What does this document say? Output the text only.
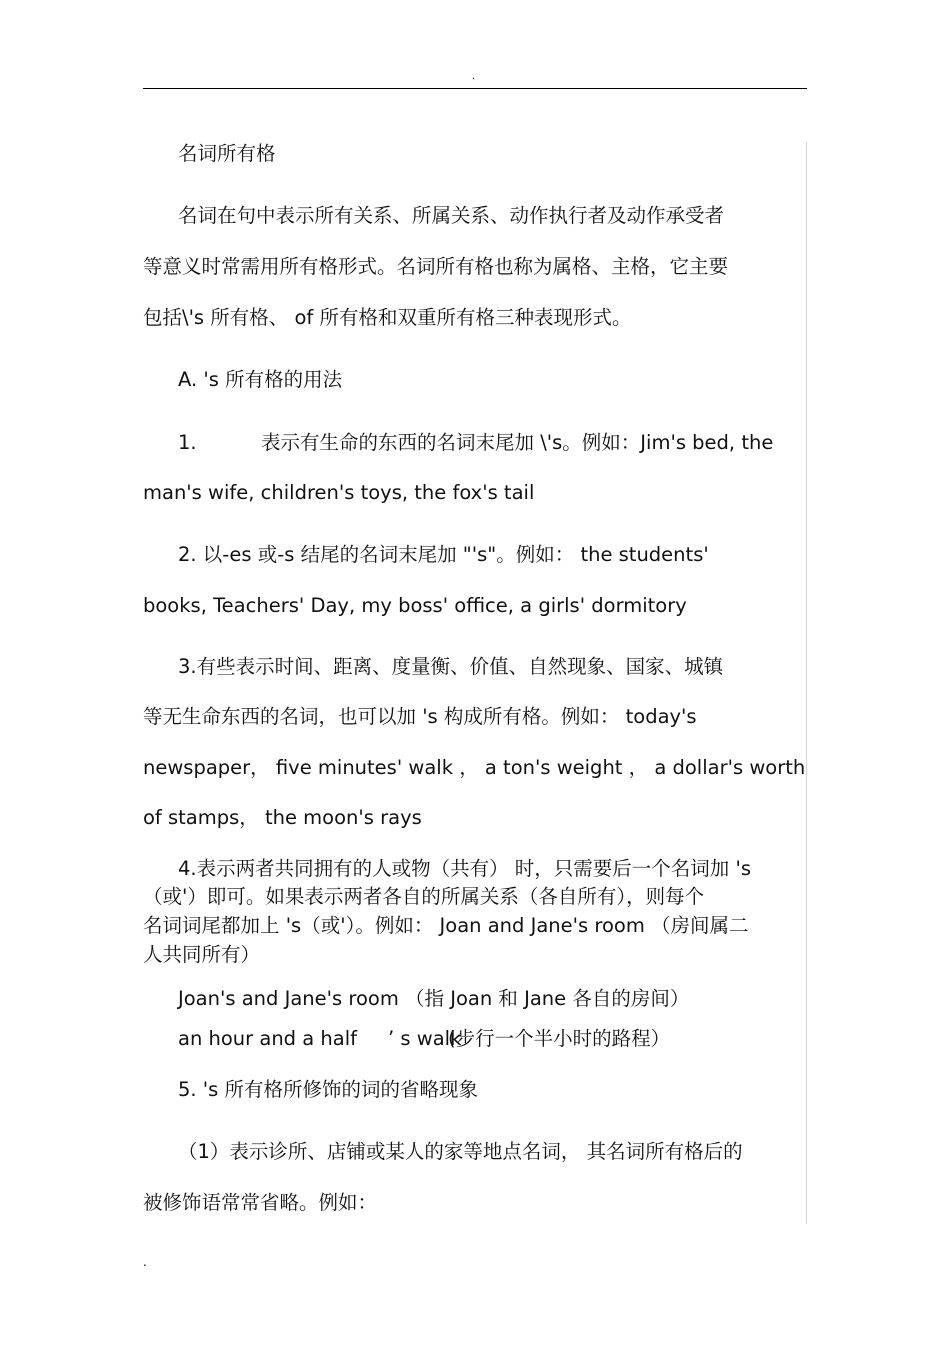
.
名词所有格
名词在句中表示所有关系、所属关系、动作执行者及动作承受者
等意义时常需用所有格形式。名词所有格也称为属格、主格，它主要
包括\'s 所有格、 of 所有格和双重所有格三种表现形式。
A. 's 所有格的用法
1.	表示有生命的东西的名词末尾加 \'s。例如：Jim's bed, the
man's wife, children's toys, the fox's tail
2. 以-es 或-s 结尾的名词末尾加 "'s"。例如： the students'
books, Teachers' Day, my boss' office, a girls' dormitory
3.有些表示时间、距离、度量衡、价值、自然现象、国家、城镇
等无生命东西的名词，也可以加 's 构成所有格。例如： today's
newspaper， five minutes' walk ， a ton's weight ， a dollar's worth
of stamps， the moon's rays
4.表示两者共同拥有的人或物（共有） 时，只需要后一个名词加 's
（或'）即可。如果表示两者各自的所属关系（各自所有），则每个
名词词尾都加上 's（或'）。例如： Joan and Jane's room （房间属二
人共同所有）
Joan's and Jane's room （指 Joan 和 Jane 各自的房间）
an hour and a half ’ s walk
(步行一个半小时的路程）
5. 's 所有格所修饰的词的省略现象
（1）表示诊所、店铺或某人的家等地点名词， 其名词所有格后的
被修饰语常常省略。例如：
.
